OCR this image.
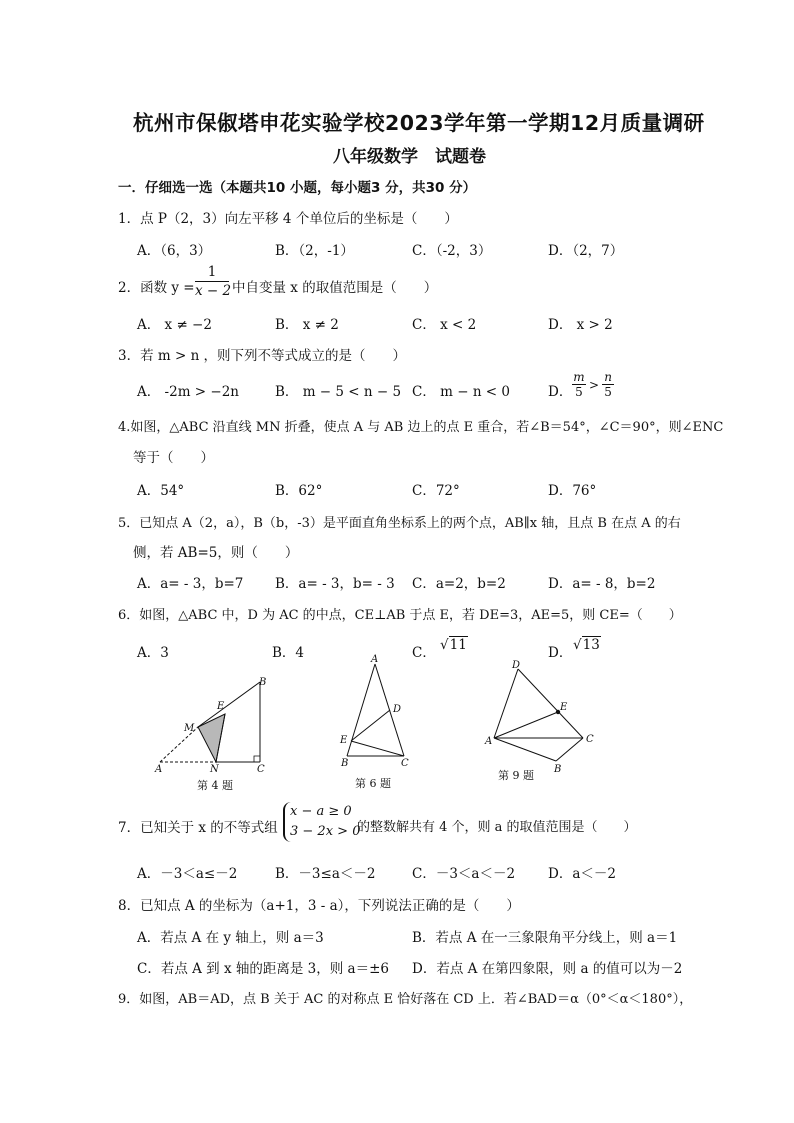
杭州市保俶塔申花实验学校2023学年第一学期12月质量调研
八年级数学　试题卷
一．仔细选一选（本题共10 小题，每小题3 分，共30 分）
1．点 P（2，3）向左平移 4 个单位后的坐标是（　　）
A．（6，3）	B．（2，-1）	C．（-2，3）	D．（2，7）
2．函数 $y = \frac{1}{x - 2}$ 中自变量 x 的取值范围是（　　）
A． x ≠ −2	B． x ≠ 2	C． x < 2	D． x > 2
3．若 m > n ，则下列不等式成立的是（　　）
A． -2m > −2n	B． m − 5 < n − 5 C． m − n < 0	D． $\frac{m}{5} > \frac{n}{5}$
4.如图，△ABC 沿直线 MN 折叠，使点 A 与 AB 边上的点 E 重合，若∠B＝54°，∠C＝90°，则∠ENC
等于（　　）
A．54°	B．62°	C．72°	D．76°
5．已知点 A（2，a），B（b，-3）是平面直角坐标系上的两个点，AB∥x 轴，且点 B 在点 A 的右
侧，若 AB=5，则（　　）
A．a= - 3，b=7 B．a= - 3，b= - 3 C．a=2，b=2	D．a= - 8，b=2
6．如图，△ABC 中，D 为 AC 的中点，CE⊥AB 于点 E，若 DE=3，AE=5，则 CE=（　　）
A．3	B．4	C． √11	D． √13
A
M
E
B
N	C
第 4 题
A
D
E
B	C
第 6 题
D
E
A	C
B
第 9 题
7．已知关于 x 的不等式组
x − a ≥ 0
3 − 2x > 0
的整数解共有 4 个，则 a 的取值范围是（　　）
A．－3＜a≤－2	B．－3≤a＜－2	C．－3＜a＜－2 D．a＜－2
8．已知点 A 的坐标为（a+1，3 - a），下列说法正确的是（　　）
A．若点 A 在 y 轴上，则 a＝3	B．若点 A 在一三象限角平分线上，则 a＝1
C．若点 A 到 x 轴的距离是 3，则 a＝±6 D．若点 A 在第四象限，则 a 的值可以为－2
9．如图，AB＝AD，点 B 关于 AC 的对称点 E 恰好落在 CD 上．若∠BAD＝α（0°＜α＜180°），
